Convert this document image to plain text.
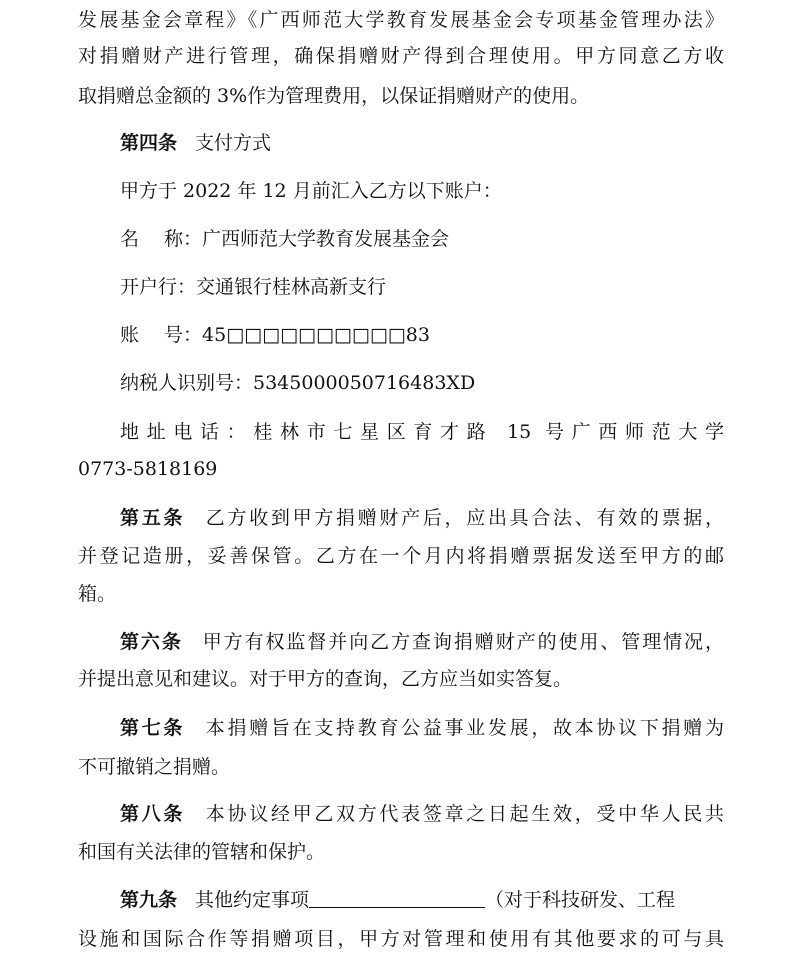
发展基金会章程》《广西师范大学教育发展基金会专项基金管理办法》
对捐赠财产进行管理，确保捐赠财产得到合理使用。甲方同意乙方收
取捐赠总金额的 3%作为管理费用，以保证捐赠财产的使用。
第四条 支付方式
甲方于 2022 年 12 月前汇入乙方以下账户：
名　 称：广西师范大学教育发展基金会
开户行：交通银行桂林高新支行
账　 号：45□□□□□□□□□□83
纳税人识别号：5345000050716483XD
地址电话：桂林市七星区育才路 15 号广西师范大学
0773-5818169
第五条 乙方收到甲方捐赠财产后，应出具合法、有效的票据，
并登记造册，妥善保管。乙方在一个月内将捐赠票据发送至甲方的邮
箱。
第六条 甲方有权监督并向乙方查询捐赠财产的使用、管理情况，
并提出意见和建议。对于甲方的查询，乙方应当如实答复。
第七条 本捐赠旨在支持教育公益事业发展，故本协议下捐赠为
不可撤销之捐赠。
第八条 本协议经甲乙双方代表签章之日起生效，受中华人民共
和国有关法律的管辖和保护。
第九条 其他约定事项	（对于科技研发、工程
设施和国际合作等捐赠项目，甲方对管理和使用有其他要求的可与具
